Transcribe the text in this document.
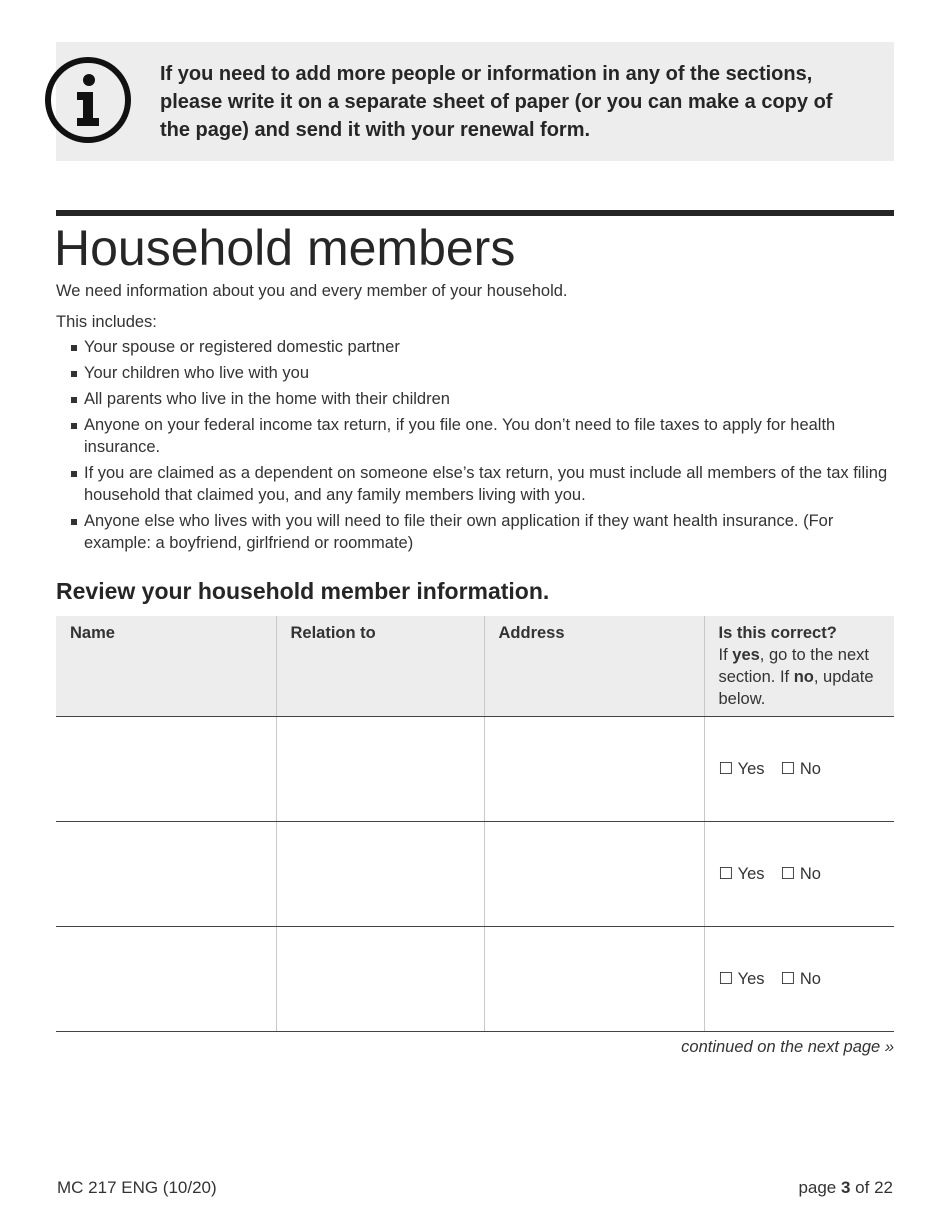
If you need to add more people or information in any of the sections, please write it on a separate sheet of paper (or you can make a copy of the page) and send it with your renewal form.
Household members
We need information about you and every member of your household.
This includes:
Your spouse or registered domestic partner
Your children who live with you
All parents who live in the home with their children
Anyone on your federal income tax return, if you file one. You don’t need to file taxes to apply for health insurance.
If you are claimed as a dependent on someone else’s tax return, you must include all members of the tax filing household that claimed you, and any family members living with you.
Anyone else who lives with you will need to file their own application if they want health insurance. (For example: a boyfriend, girlfriend or roommate)
Review your household member information.
Name	Relation to	Address	Is this correct?
If yes, go to the next section. If no, update below.
			☐ Yes ☐ No
			☐ Yes ☐ No
			☐ Yes ☐ No
continued on the next page »
MC 217 ENG (10/20)	page 3 of 22
